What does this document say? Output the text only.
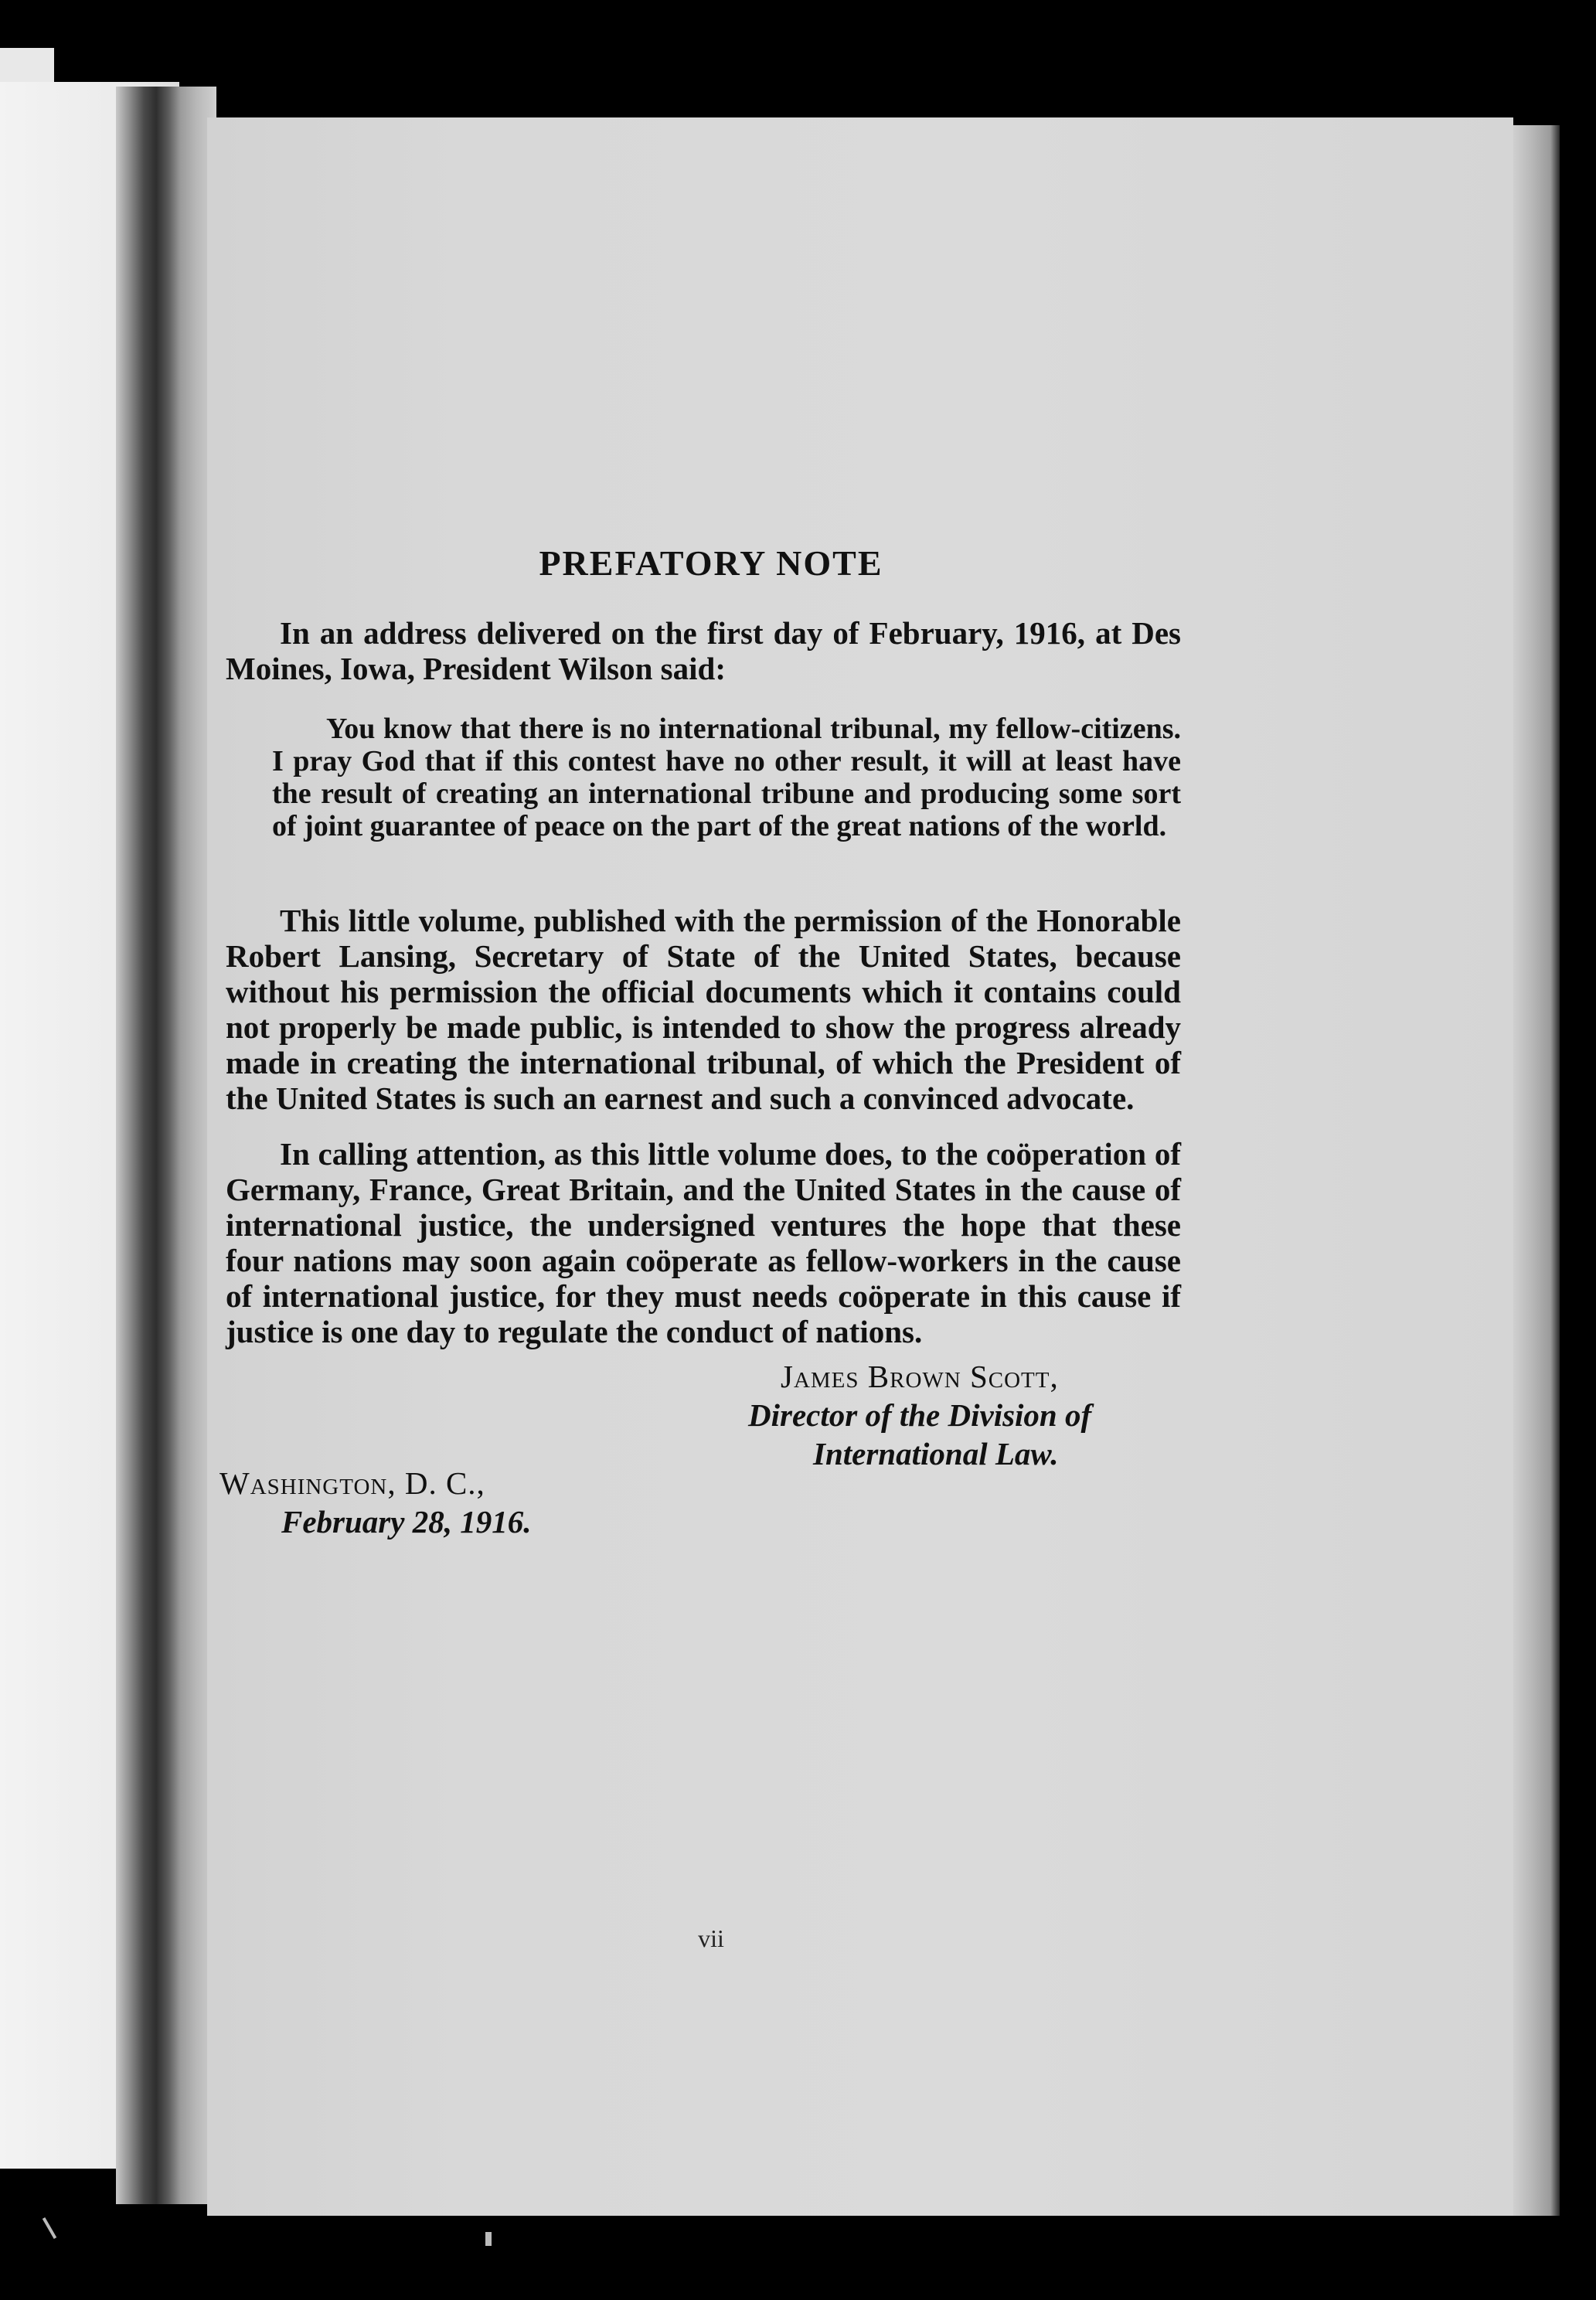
PREFATORY NOTE

In an address delivered on the first day of February, 1916, at Des Moines, Iowa, President Wilson said:

You know that there is no international tribunal, my fellow-citizens. I pray God that if this contest have no other result, it will at least have the result of creating an international tribune and producing some sort of joint guarantee of peace on the part of the great nations of the world.

This little volume, published with the permission of the Honorable Robert Lansing, Secretary of State of the United States, because without his permission the official documents which it contains could not properly be made public, is intended to show the progress already made in creating the international tribunal, of which the President of the United States is such an earnest and such a convinced advocate.

In calling attention, as this little volume does, to the coöperation of Germany, France, Great Britain, and the United States in the cause of international justice, the undersigned ventures the hope that these four nations may soon again coöperate as fellow-workers in the cause of international justice, for they must needs coöperate in this cause if justice is one day to regulate the conduct of nations.

James Brown Scott,
Director of the Division of
International Law.
Washington, D. C.,
February 28, 1916.
vii
